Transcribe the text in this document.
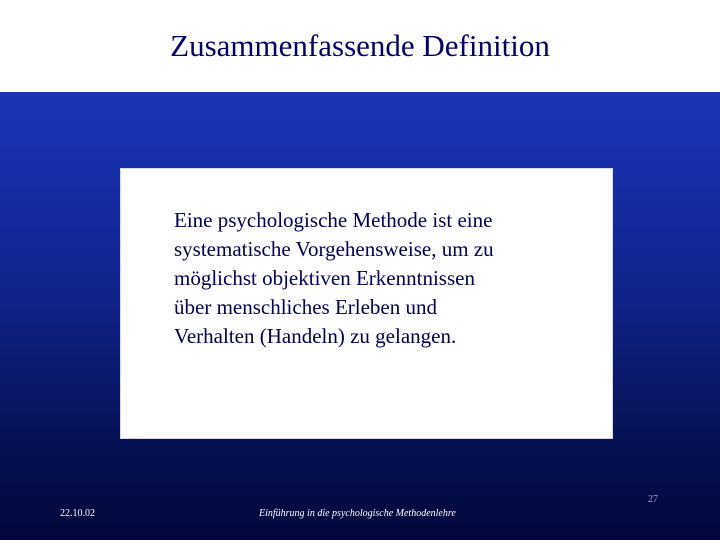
Zusammenfassende Definition

Eine psychologische Methode ist eine
systematische Vorgehensweise, um zu
möglichst objektiven Erkenntnissen
über menschliches Erleben und
Verhalten (Handeln) zu gelangen.

22.10.02	Einführung in die psychologische Methodenlehre
27
